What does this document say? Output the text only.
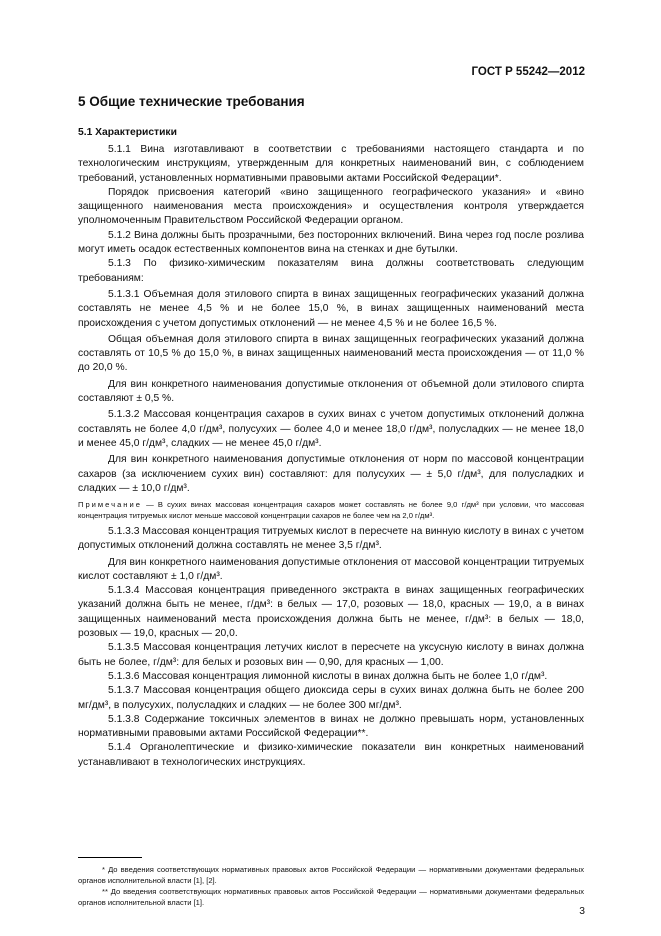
ГОСТ Р 55242—2012
5 Общие технические требования
5.1 Характеристики

5.1.1 Вина изготавливают в соответствии с требованиями настоящего стандарта и по технологическим инструкциям, утвержденным для конкретных наименований вин, с соблюдением требований, установленных нормативными правовыми актами Российской Федерации*.

Порядок присвоения категорий «вино защищенного географического указания» и «вино защищенного наименования места происхождения» и осуществления контроля утверждается уполномоченным Правительством Российской Федерации органом.

5.1.2 Вина должны быть прозрачными, без посторонних включений. Вина через год после розлива могут иметь осадок естественных компонентов вина на стенках и дне бутылки.

5.1.3 По физико-химическим показателям вина должны соответствовать следующим требованиям:

5.1.3.1 Объемная доля этилового спирта в винах защищенных географических указаний должна составлять не менее 4,5 % и не более 15,0 %, в винах защищенных наименований места происхождения с учетом допустимых отклонений — не менее 4,5 % и не более 16,5 %.

Общая объемная доля этилового спирта в винах защищенных географических указаний должна составлять от 10,5 % до 15,0 %, в винах защищенных наименований места происхождения — от 11,0 % до 20,0 %.

Для вин конкретного наименования допустимые отклонения от объемной доли этилового спирта составляют ± 0,5 %.

5.1.3.2 Массовая концентрация сахаров в сухих винах с учетом допустимых отклонений должна составлять не более 4,0 г/дм³, полусухих — более 4,0 и менее 18,0 г/дм³, полусладких — не менее 18,0 и менее 45,0 г/дм³, сладких — не менее 45,0 г/дм³.

Для вин конкретного наименования допустимые отклонения от норм по массовой концентрации сахаров (за исключением сухих вин) составляют: для полусухих — ± 5,0 г/дм³, для полусладких и сладких — ± 10,0 г/дм³.

Примечание — В сухих винах массовая концентрация сахаров может составлять не более 9,0 г/дм³ при условии, что массовая концентрация титруемых кислот меньше массовой концентрации сахаров не более чем на 2,0 г/дм³.

5.1.3.3 Массовая концентрация титруемых кислот в пересчете на винную кислоту в винах с учетом допустимых отклонений должна составлять не менее 3,5 г/дм³.

Для вин конкретного наименования допустимые отклонения от массовой концентрации титруемых кислот составляют ± 1,0 г/дм³.

5.1.3.4 Массовая концентрация приведенного экстракта в винах защищенных географических указаний должна быть не менее, г/дм³: в белых — 17,0, розовых — 18,0, красных — 19,0, а в винах защищенных наименований места происхождения должна быть не менее, г/дм³: в белых — 18,0, розовых — 19,0, красных — 20,0.

5.1.3.5 Массовая концентрация летучих кислот в пересчете на уксусную кислоту в винах должна быть не более, г/дм³: для белых и розовых вин — 0,90, для красных — 1,00.

5.1.3.6 Массовая концентрация лимонной кислоты в винах должна быть не более 1,0 г/дм³.

5.1.3.7 Массовая концентрация общего диоксида серы в сухих винах должна быть не более 200 мг/дм³, в полусухих, полусладких и сладких — не более 300 мг/дм³.

5.1.3.8 Содержание токсичных элементов в винах не должно превышать норм, установленных нормативными правовыми актами Российской Федерации**.

5.1.4 Органолептические и физико-химические показатели вин конкретных наименований устанавливают в технологических инструкциях.

* До введения соответствующих нормативных правовых актов Российской Федерации — нормативными документами федеральных органов исполнительной власти [1], [2].

** До введения соответствующих нормативных правовых актов Российской Федерации — нормативными документами федеральных органов исполнительной власти [1].

3
